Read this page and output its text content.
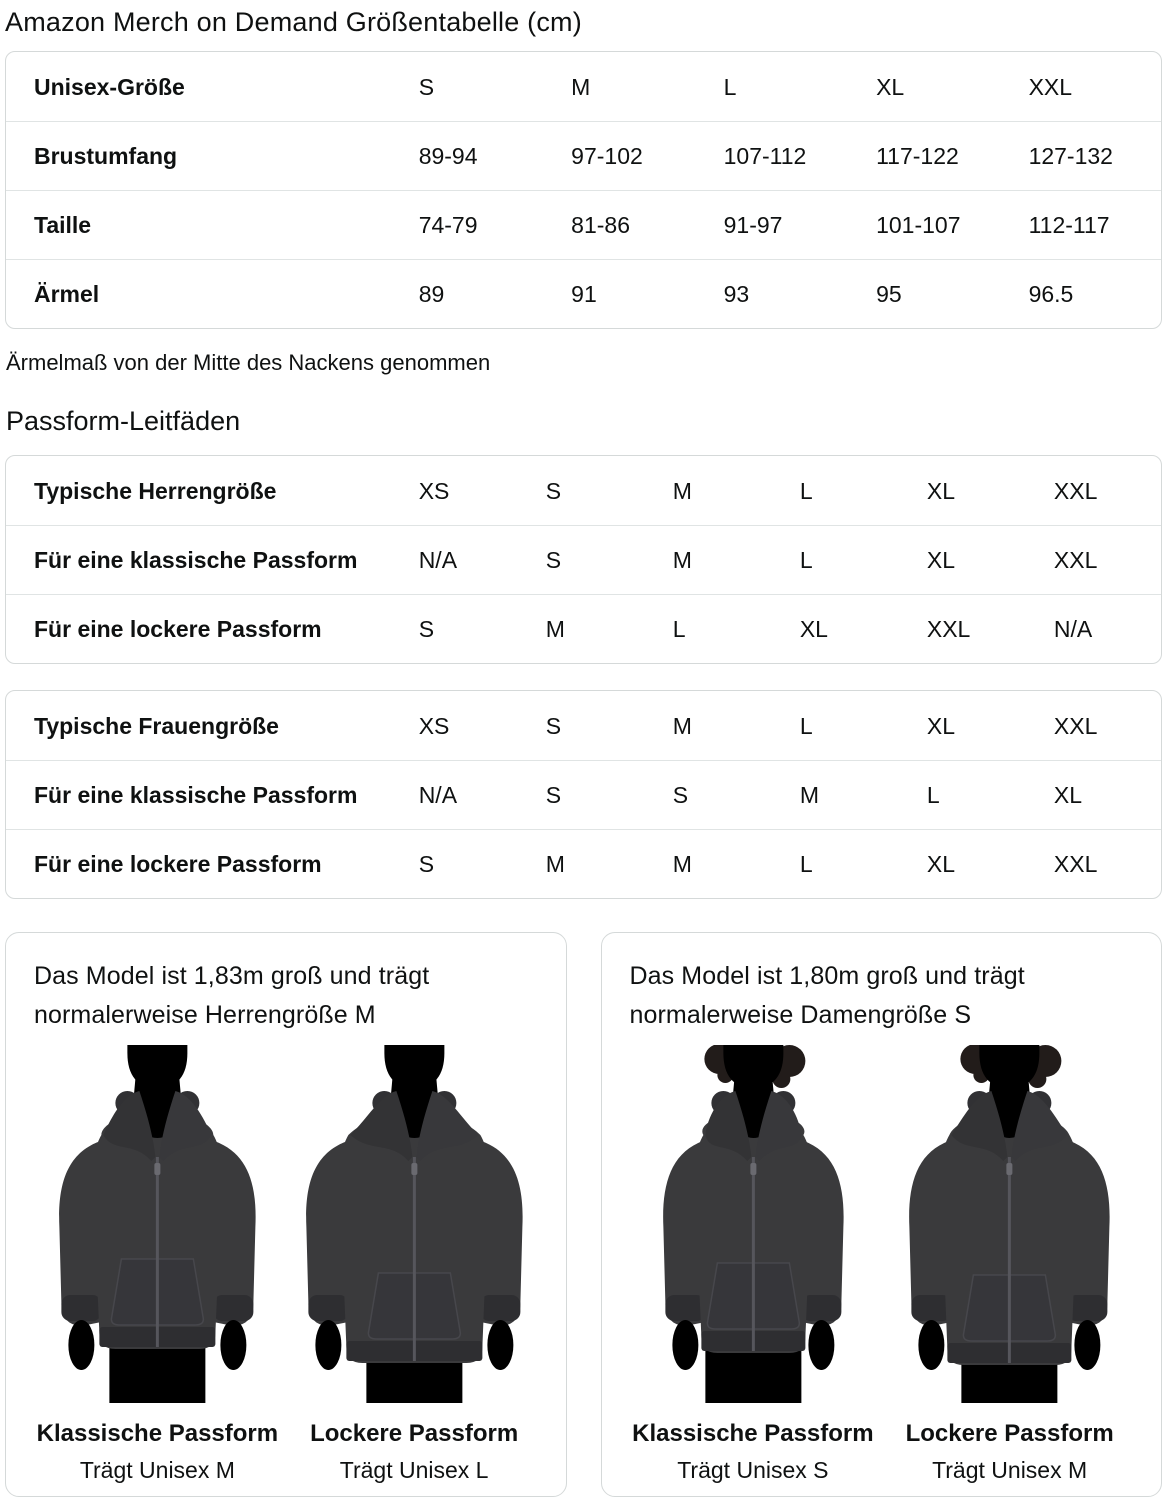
Amazon Merch on Demand Größentabelle (cm)
Unisex-Größe	S	M	L	XL	XXL
Brustumfang	89-94	97-102	107-112	117-122	127-132
Taille	74-79	81-86	91-97	101-107	112-117
Ärmel	89	91	93	95	96.5

Ärmelmaß von der Mitte des Nackens genommen

Passform-Leitfäden
Typische Herrengröße	XS	S	M	L	XL	XXL
Für eine klassische Passform	N/A	S	M	L	XL	XXL
Für eine lockere Passform	S	M	L	XL	XXL	N/A
Typische Frauengröße	XS	S	M	L	XL	XXL
Für eine klassische Passform	N/A	S	S	M	L	XL
Für eine lockere Passform	S	M	M	L	XL	XXL
Das Model ist 1,83m groß und trägt normalerweise Herrengröße M
Klassische Passform
Trägt Unisex M
Lockere Passform
Trägt Unisex L
Das Model ist 1,80m groß und trägt normalerweise Damengröße S
Klassische Passform
Trägt Unisex S
Lockere Passform
Trägt Unisex M
